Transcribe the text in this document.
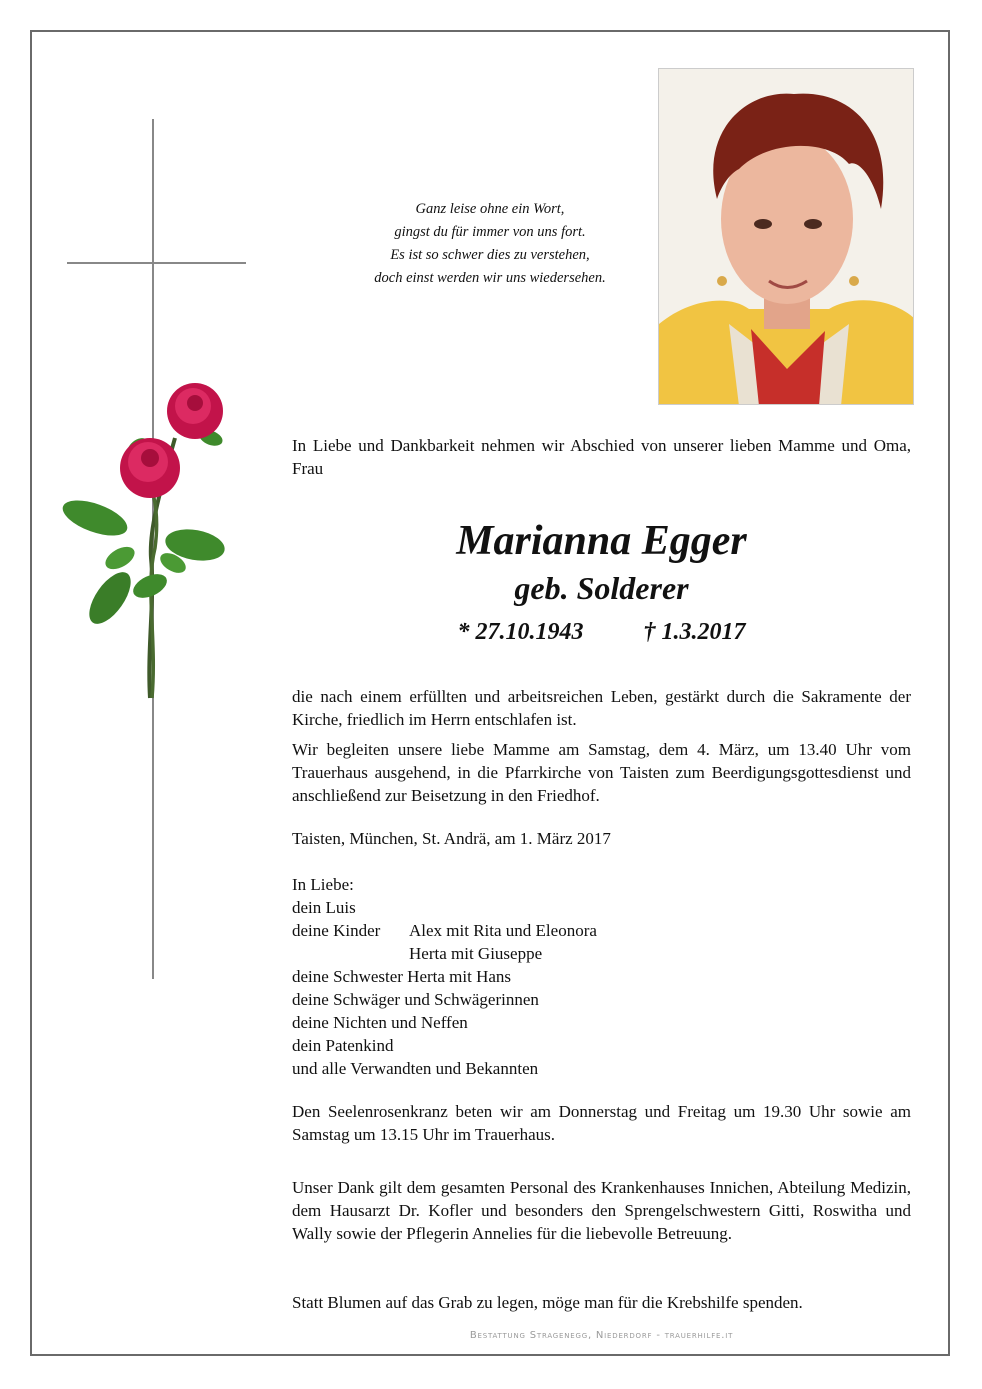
Ganz leise ohne ein Wort,
gingst du für immer von uns fort.
Es ist so schwer dies zu verstehen,
doch einst werden wir uns wiedersehen.
In Liebe und Dankbarkeit nehmen wir Abschied von unserer lieben Mamme und Oma, Frau
Marianna Egger
geb. Solderer
* 27.10.1943	† 1.3.2017
die nach einem erfüllten und arbeitsreichen Leben, gestärkt durch die Sakramente der Kirche, friedlich im Herrn entschlafen ist.
Wir begleiten unsere liebe Mamme am Samstag, dem 4. März, um 13.40 Uhr vom Trauerhaus ausgehend, in die Pfarrkirche von Taisten zum Beerdigungsgottesdienst und anschließend zur Beisetzung in den Friedhof.
Taisten, München, St. Andrä, am 1. März 2017
In Liebe:
dein Luis
deine Kinder	Alex mit Rita und Eleonora
Herta mit Giuseppe
deine Schwester Herta mit Hans
deine Schwäger und Schwägerinnen
deine Nichten und Neffen
dein Patenkind
und alle Verwandten und Bekannten
Den Seelenrosenkranz beten wir am Donnerstag und Freitag um 19.30 Uhr sowie am Samstag um 13.15 Uhr im Trauerhaus.
Unser Dank gilt dem gesamten Personal des Krankenhauses Innichen, Abteilung Medizin, dem Hausarzt Dr. Kofler und besonders den Sprengelschwestern Gitti, Roswitha und Wally sowie der Pflegerin Annelies für die liebevolle Betreuung.
Statt Blumen auf das Grab zu legen, möge man für die Krebshilfe spenden.
Bestattung Stragenegg, Niederdorf - trauerhilfe.it
